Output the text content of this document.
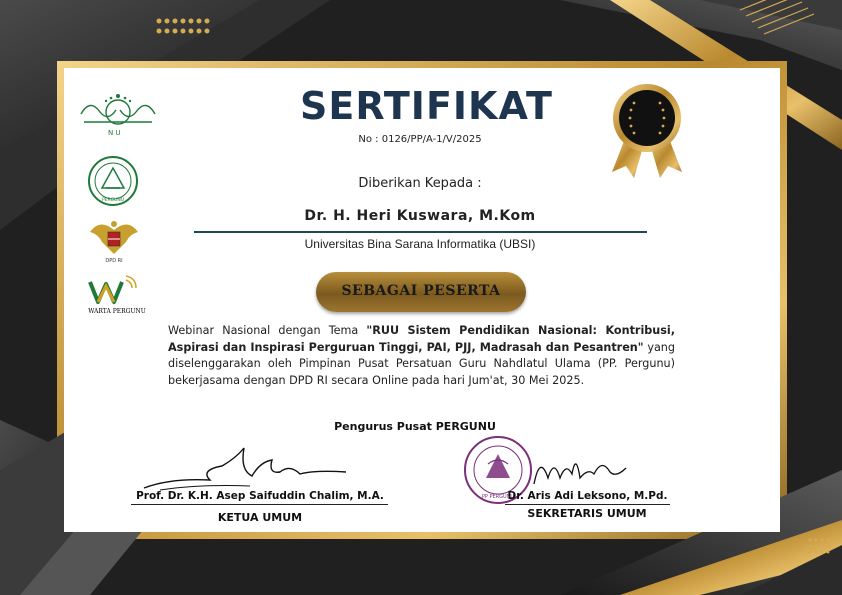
N U
PERGUNU
DPD RI
WARTA PERGUNU
SERTIFIKAT
No : 0126/PP/A-1/V/2025
Diberikan Kepada :
Dr. H. Heri Kuswara, M.Kom
Universitas Bina Sarana Informatika (UBSI)
SEBAGAI PESERTA
Webinar Nasional dengan Tema "RUU Sistem Pendidikan Nasional: Kontribusi, Aspirasi dan Inspirasi Perguruan Tinggi, PAI, PJJ, Madrasah dan Pesantren" yang diselenggarakan oleh Pimpinan Pusat Persatuan Guru Nahdlatul Ulama (PP. Pergunu) bekerjasama dengan DPD RI secara Online pada hari Jum'at, 30 Mei 2025.
Pengurus Pusat PERGUNU
Prof. Dr. K.H. Asep Saifuddin Chalim, M.A.
KETUA UMUM
PP PERGUNU
Dr. Aris Adi Leksono, M.Pd.
SEKRETARIS UMUM
